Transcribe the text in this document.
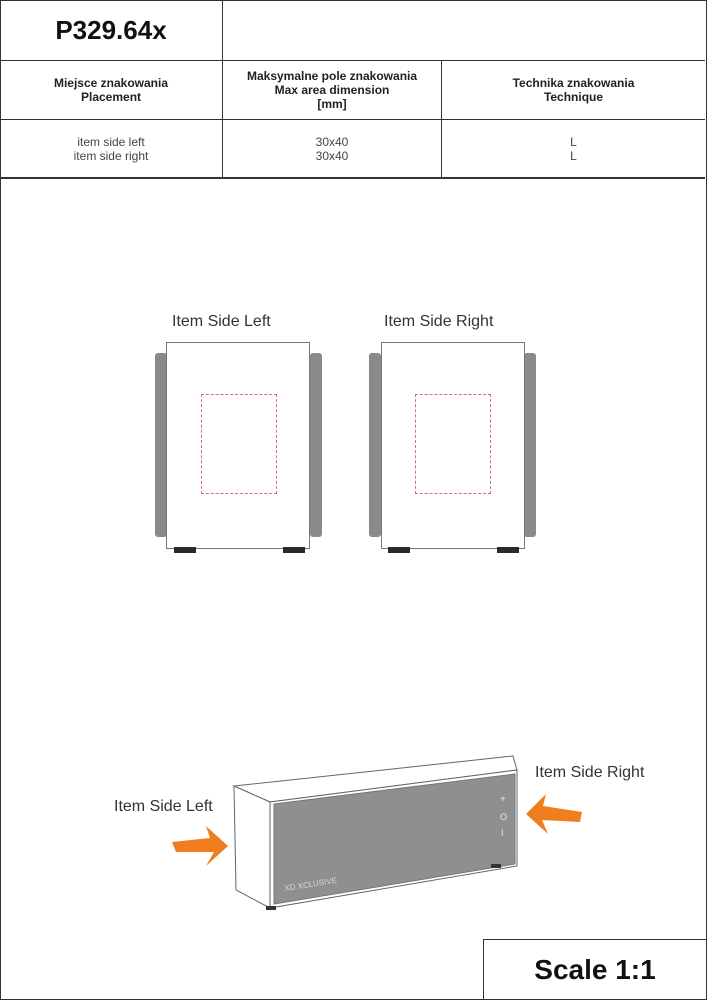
P329.64x
Miejsce znakowania
Placement
Maksymalne pole znakowania
Max area dimension
[mm]
Technika znakowania
Technique
item side left
item side right
30x40
30x40
L
L
Item Side Left	Item Side Right
XD XCLUSIVE
+
O
I
Item Side Left
Item Side Right
Scale 1:1
